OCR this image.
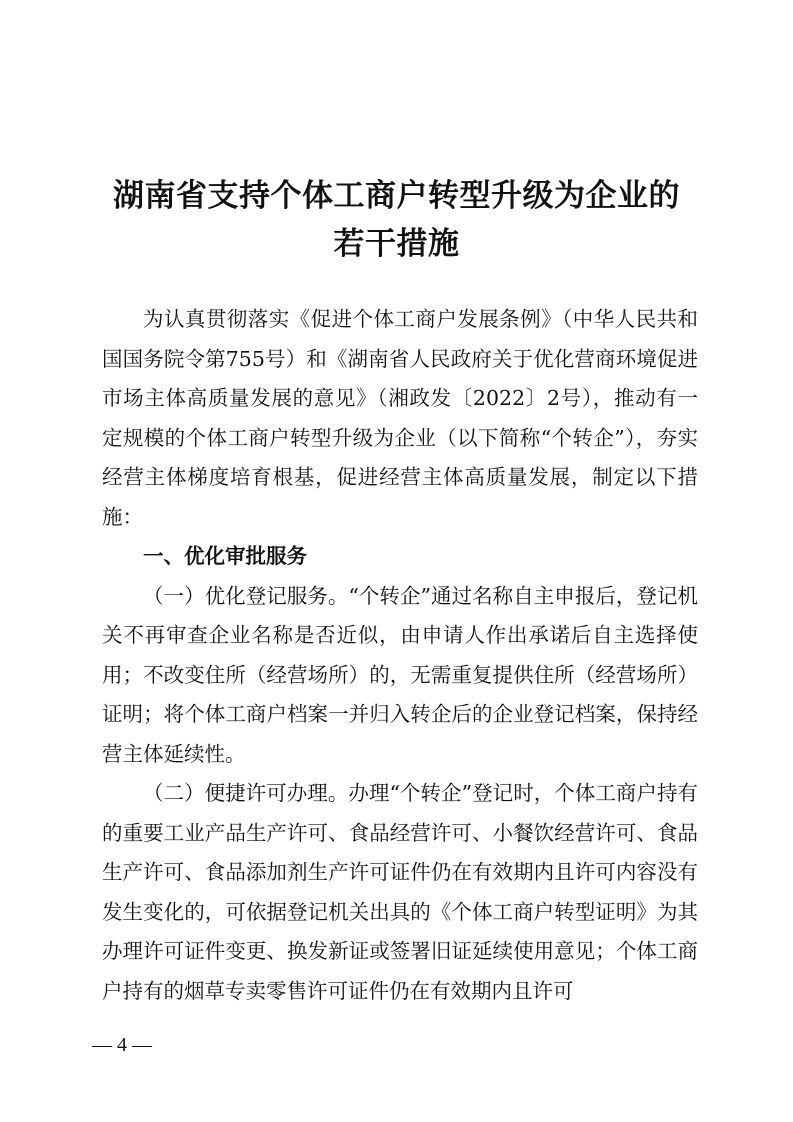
湖南省支持个体工商户转型升级为企业的
若干措施

为认真贯彻落实《促进个体工商户发展条例》（中华人民共和国国务院令第755号）和《湖南省人民政府关于优化营商环境促进市场主体高质量发展的意见》（湘政发〔2022〕2号），推动有一定规模的个体工商户转型升级为企业（以下简称“个转企”），夯实经营主体梯度培育根基，促进经营主体高质量发展，制定以下措施：

一、优化审批服务

（一）优化登记服务。“个转企”通过名称自主申报后，登记机关不再审查企业名称是否近似，由申请人作出承诺后自主选择使用；不改变住所（经营场所）的，无需重复提供住所（经营场所）证明；将个体工商户档案一并归入转企后的企业登记档案，保持经营主体延续性。

（二）便捷许可办理。办理“个转企”登记时，个体工商户持有的重要工业产品生产许可、食品经营许可、小餐饮经营许可、食品生产许可、食品添加剂生产许可证件仍在有效期内且许可内容没有发生变化的，可依据登记机关出具的《个体工商户转型证明》为其办理许可证件变更、换发新证或签署旧证延续使用意见；个体工商户持有的烟草专卖零售许可证件仍在有效期内且许可

— 4 —
